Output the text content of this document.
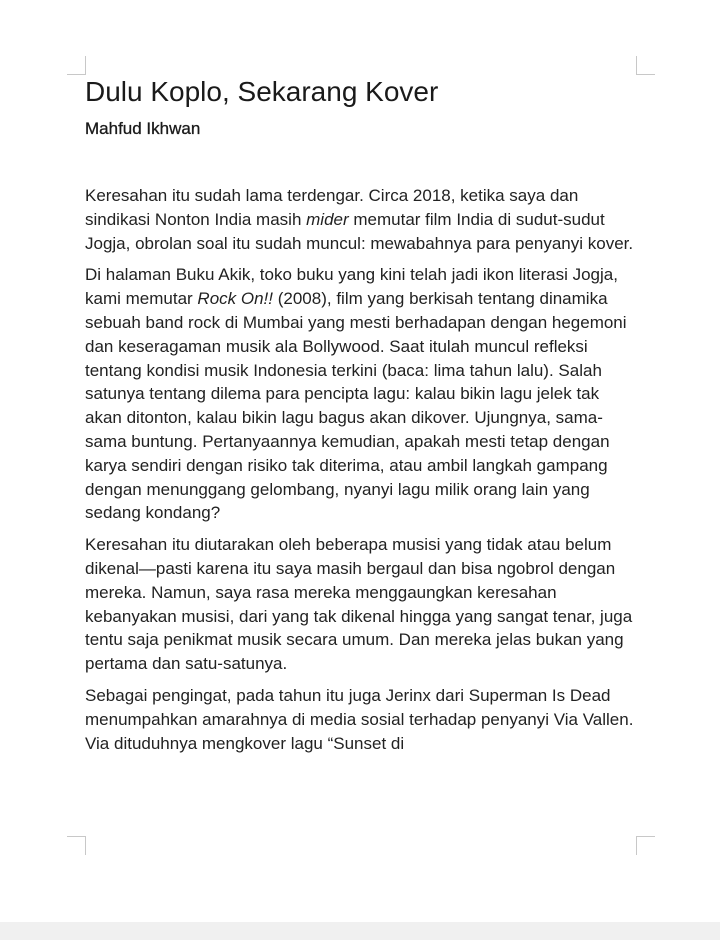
Dulu Koplo, Sekarang Kover

Mahfud Ikhwan

Keresahan itu sudah lama terdengar. Circa 2018, ketika saya dan sindikasi Nonton India masih mider memutar film India di sudut-sudut Jogja, obrolan soal itu sudah muncul: mewabahnya para penyanyi kover.

Di halaman Buku Akik, toko buku yang kini telah jadi ikon literasi Jogja, kami memutar Rock On!! (2008), film yang berkisah tentang dinamika sebuah band rock di Mumbai yang mesti berhadapan dengan hegemoni dan keseragaman musik ala Bollywood. Saat itulah muncul refleksi tentang kondisi musik Indonesia terkini (baca: lima tahun lalu). Salah satunya tentang dilema para pencipta lagu: kalau bikin lagu jelek tak akan ditonton, kalau bikin lagu bagus akan dikover. Ujungnya, sama-sama buntung. Pertanyaannya kemudian, apakah mesti tetap dengan karya sendiri dengan risiko tak diterima, atau ambil langkah gampang dengan menunggang gelombang, nyanyi lagu milik orang lain yang sedang kondang?

Keresahan itu diutarakan oleh beberapa musisi yang tidak atau belum dikenal—pasti karena itu saya masih bergaul dan bisa ngobrol dengan mereka. Namun, saya rasa mereka menggaungkan keresahan kebanyakan musisi, dari yang tak dikenal hingga yang sangat tenar, juga tentu saja penikmat musik secara umum. Dan mereka jelas bukan yang pertama dan satu-satunya.

Sebagai pengingat, pada tahun itu juga Jerinx dari Superman Is Dead menumpahkan amarahnya di media sosial terhadap penyanyi Via Vallen. Via dituduhnya mengkover lagu “Sunset di
